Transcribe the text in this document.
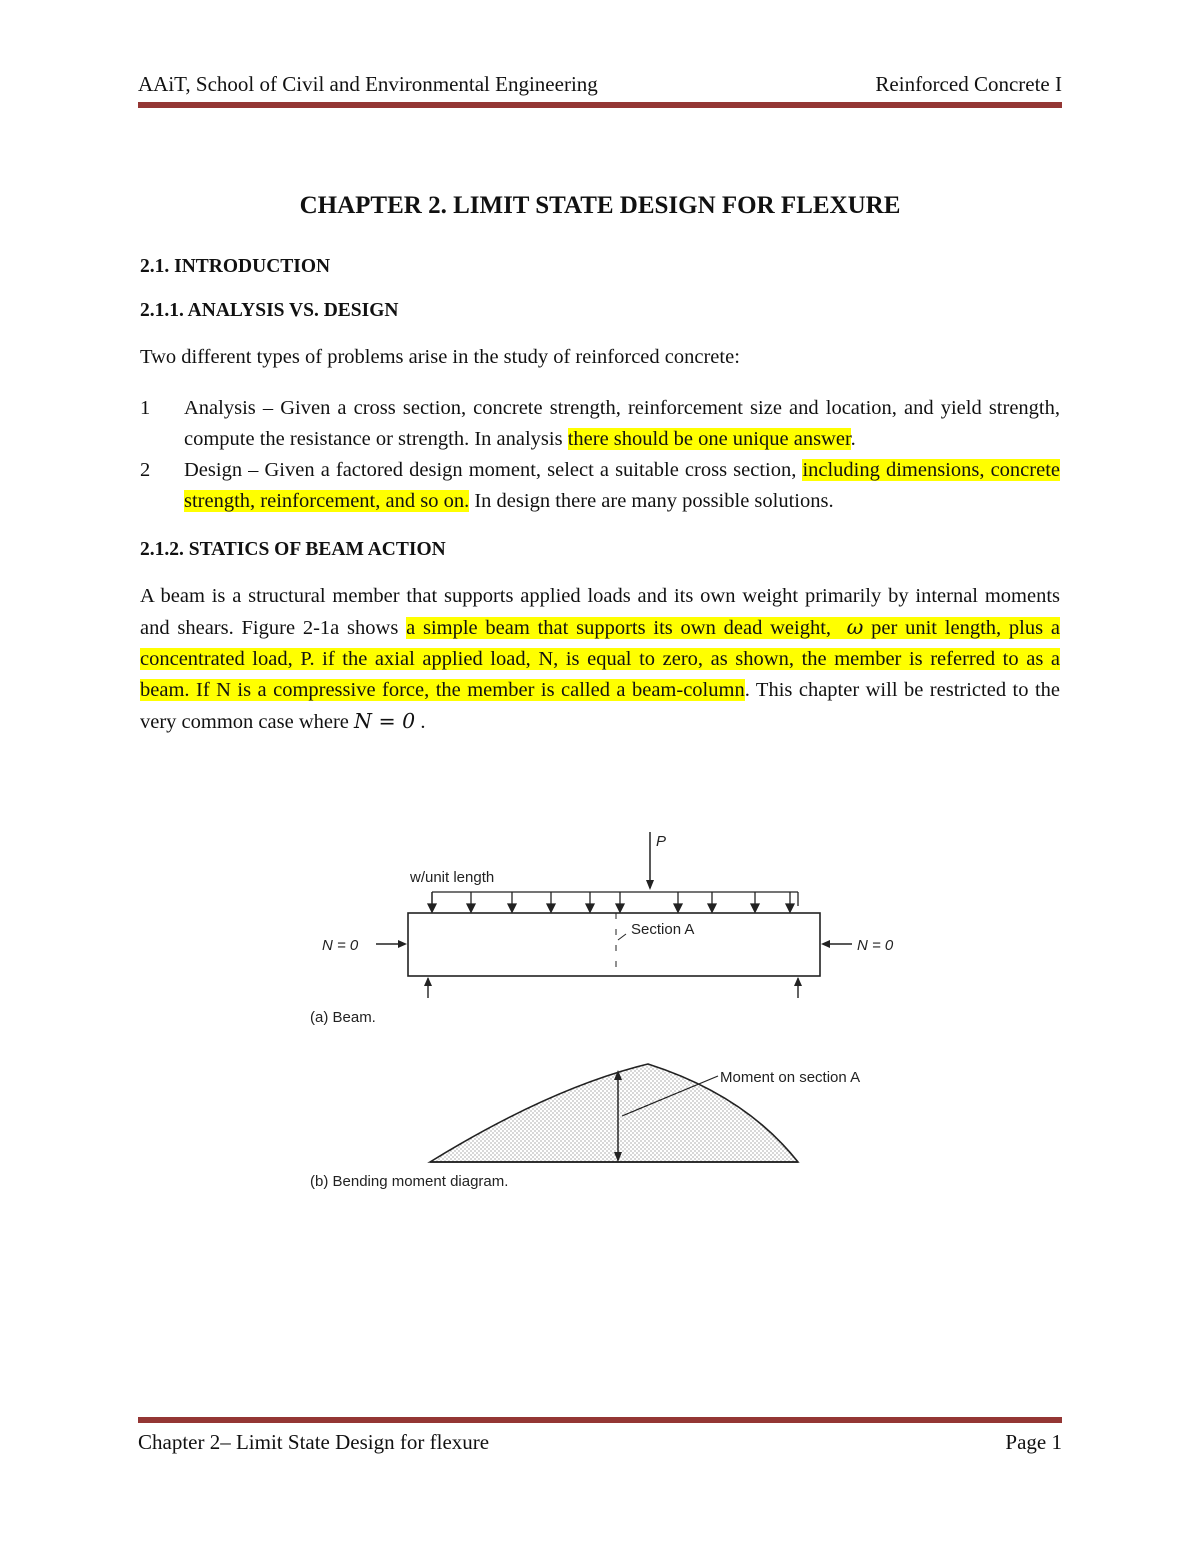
AAiT, School of Civil and Environmental Engineering	Reinforced Concrete I
CHAPTER 2. LIMIT STATE DESIGN FOR FLEXURE
2.1. INTRODUCTION
2.1.1. ANALYSIS VS. DESIGN

Two different types of problems arise in the study of reinforced concrete:

1 Analysis – Given a cross section, concrete strength, reinforcement size and location, and yield strength, compute the resistance or strength. In analysis there should be one unique answer.
2 Design – Given a factored design moment, select a suitable cross section, including dimensions, concrete strength, reinforcement, and so on. In design there are many possible solutions.
2.1.2. STATICS OF BEAM ACTION

A beam is a structural member that supports applied loads and its own weight primarily by internal moments and shears. Figure 2-1a shows a simple beam that supports its own dead weight, ω per unit length, plus a concentrated load, P. if the axial applied load, N, is equal to zero, as shown, the member is referred to as a beam. If N is a compressive force, the member is called a beam-column. This chapter will be restricted to the very common case where N = 0 .

P
w/unit length
Section A
N = 0	N = 0
(a) Beam.
Moment on section A
(b) Bending moment diagram.
Chapter 2– Limit State Design for flexure	Page 1
